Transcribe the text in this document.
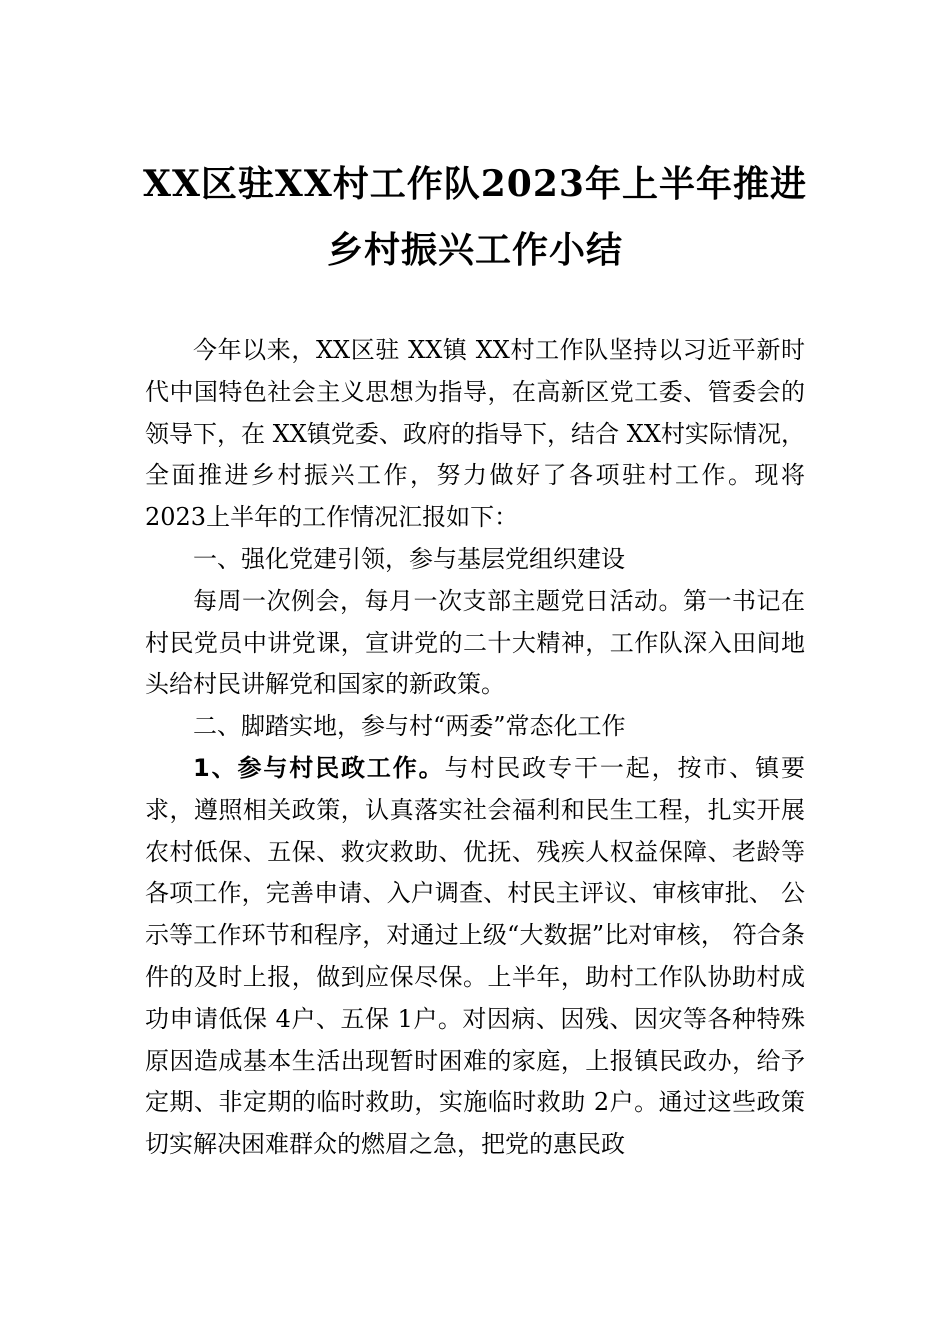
XX区驻XX村工作队2023年上半年推进
乡村振兴工作小结

今年以来，XX区驻 XX镇 XX村工作队坚持以习近平新时代中国特色社会主义思想为指导，在高新区党工委、管委会的领导下，在 XX镇党委、政府的指导下，结合 XX村实际情况，全面推进乡村振兴工作，努力做好了各项驻村工作。现将 2023上半年的工作情况汇报如下：

一、强化党建引领，参与基层党组织建设

每周一次例会，每月一次支部主题党日活动。第一书记在村民党员中讲党课，宣讲党的二十大精神，工作队深入田间地头给村民讲解党和国家的新政策。

二、脚踏实地，参与村“两委”常态化工作

1、参与村民政工作。与村民政专干一起，按市、镇要求，遵照相关政策，认真落实社会福利和民生工程，扎实开展农村低保、五保、救灾救助、优抚、残疾人权益保障、老龄等各项工作，完善申请、入户调查、村民主评议、审核审批、 公示等工作环节和程序，对通过上级“大数据”比对审核， 符合条件的及时上报，做到应保尽保。上半年，助村工作队协助村成功申请低保 4户、五保 1户。对因病、因残、因灾等各种特殊原因造成基本生活出现暂时困难的家庭，上报镇民政办，给予定期、非定期的临时救助，实施临时救助 2户。通过这些政策切实解决困难群众的燃眉之急，把党的惠民政
